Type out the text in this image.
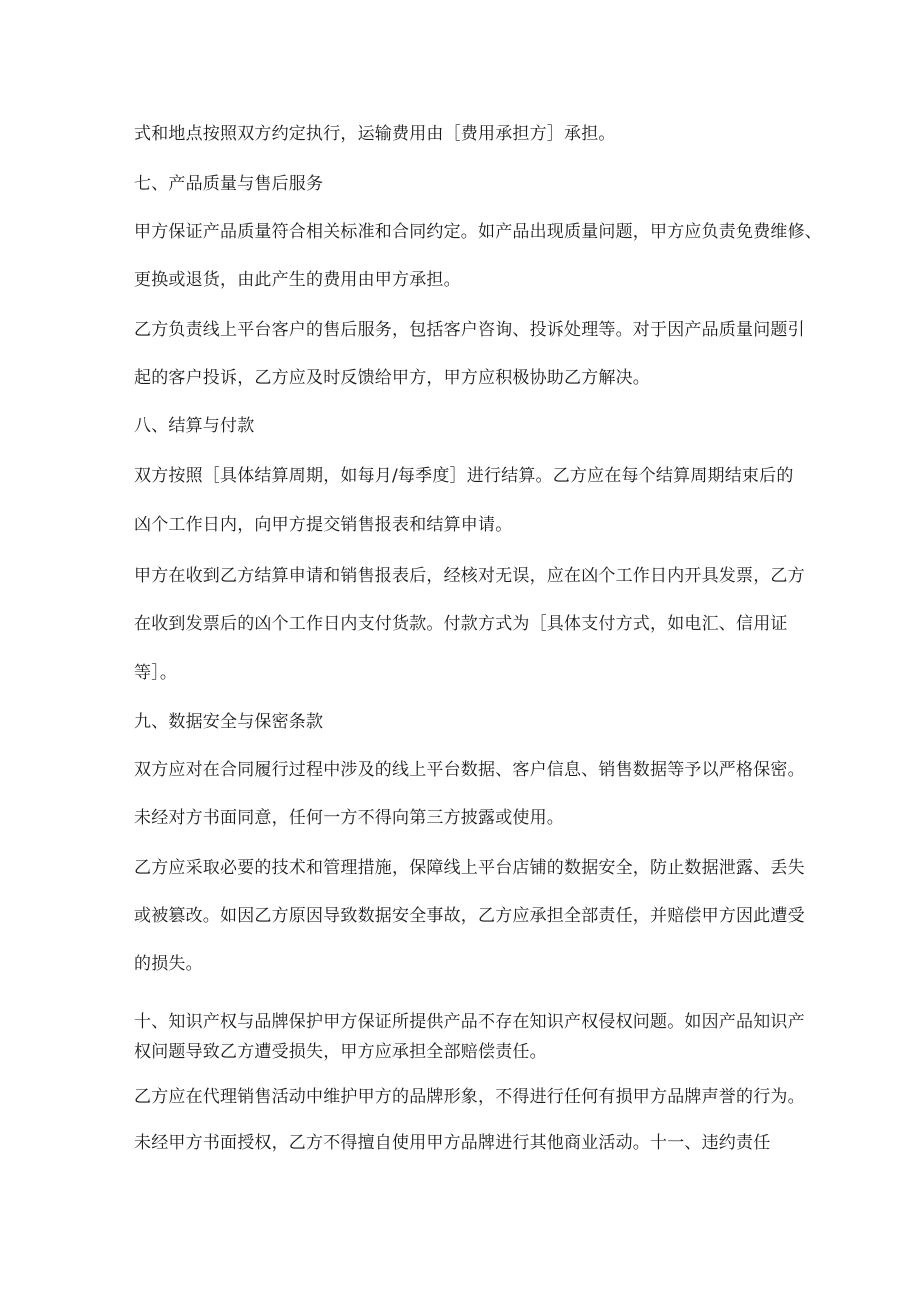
式和地点按照双方约定执行，运输费用由［费用承担方］承担。
七、产品质量与售后服务
甲方保证产品质量符合相关标准和合同约定。如产品出现质量问题，甲方应负责免费维修、
更换或退货，由此产生的费用由甲方承担。
乙方负责线上平台客户的售后服务，包括客户咨询、投诉处理等。对于因产品质量问题引
起的客户投诉，乙方应及时反馈给甲方，甲方应积极协助乙方解决。
八、结算与付款
双方按照［具体结算周期，如每月/每季度］进行结算。乙方应在每个结算周期结束后的
凶个工作日内，向甲方提交销售报表和结算申请。
甲方在收到乙方结算申请和销售报表后，经核对无误，应在凶个工作日内开具发票，乙方
在收到发票后的凶个工作日内支付货款。付款方式为［具体支付方式，如电汇、信用证
等］。
九、数据安全与保密条款
双方应对在合同履行过程中涉及的线上平台数据、客户信息、销售数据等予以严格保密。
未经对方书面同意，任何一方不得向第三方披露或使用。
乙方应采取必要的技术和管理措施，保障线上平台店铺的数据安全，防止数据泄露、丢失
或被篡改。如因乙方原因导致数据安全事故，乙方应承担全部责任，并赔偿甲方因此遭受
的损失。
十、知识产权与品牌保护甲方保证所提供产品不存在知识产权侵权问题。如因产品知识产
权问题导致乙方遭受损失，甲方应承担全部赔偿责任。
乙方应在代理销售活动中维护甲方的品牌形象，不得进行任何有损甲方品牌声誉的行为。
未经甲方书面授权，乙方不得擅自使用甲方品牌进行其他商业活动。十一、违约责任
